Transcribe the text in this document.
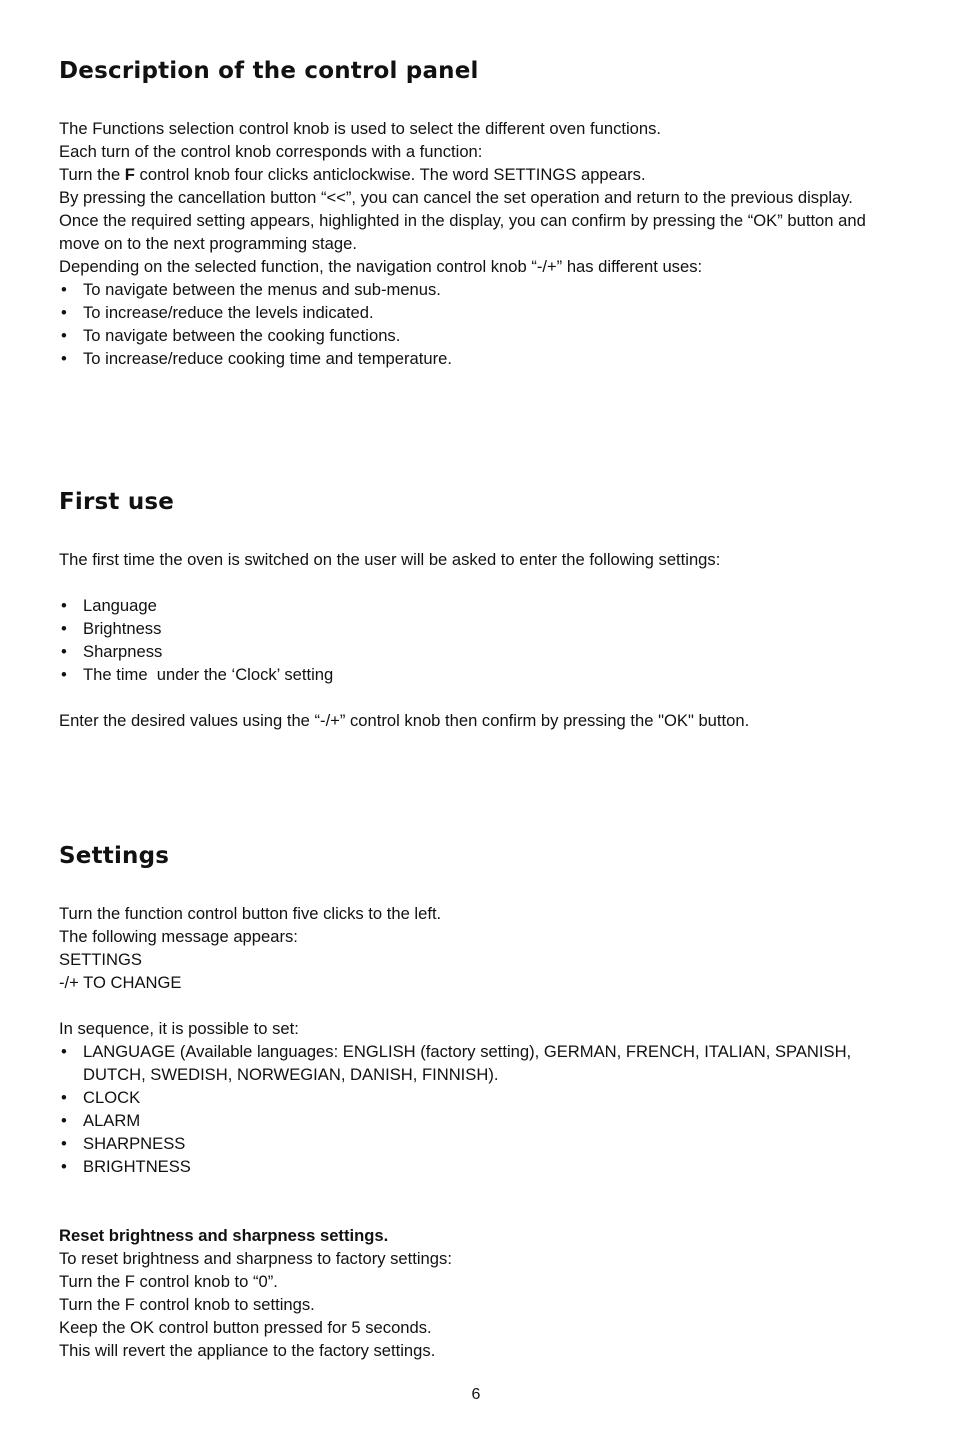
Description of the control panel
The Functions selection control knob is used to select the different oven functions.
Each turn of the control knob corresponds with a function:
Turn the F control knob four clicks anticlockwise. The word SETTINGS appears.
By pressing the cancellation button “<<”, you can cancel the set operation and return to the previous display.
Once the required setting appears, highlighted in the display, you can confirm by pressing the “OK” button and move on to the next programming stage.
Depending on the selected function, the navigation control knob “-/+” has different uses:
• To navigate between the menus and sub-menus.
• To increase/reduce the levels indicated.
• To navigate between the cooking functions.
• To increase/reduce cooking time and temperature.
First use
The first time the oven is switched on the user will be asked to enter the following settings:
• Language
• Brightness
• Sharpness
• The time  under the ‘Clock’ setting
Enter the desired values using the “-/+” control knob then confirm by pressing the "OK" button.
Settings
Turn the function control button five clicks to the left.
The following message appears:
SETTINGS
-/+ TO CHANGE
In sequence, it is possible to set:
• LANGUAGE (Available languages: ENGLISH (factory setting), GERMAN, FRENCH, ITALIAN, SPANISH, DUTCH, SWEDISH, NORWEGIAN, DANISH, FINNISH).
• CLOCK
• ALARM
• SHARPNESS
• BRIGHTNESS
Reset brightness and sharpness settings.
To reset brightness and sharpness to factory settings:
Turn the F control knob to “0”.
Turn the F control knob to settings.
Keep the OK control button pressed for 5 seconds.
This will revert the appliance to the factory settings.
6
